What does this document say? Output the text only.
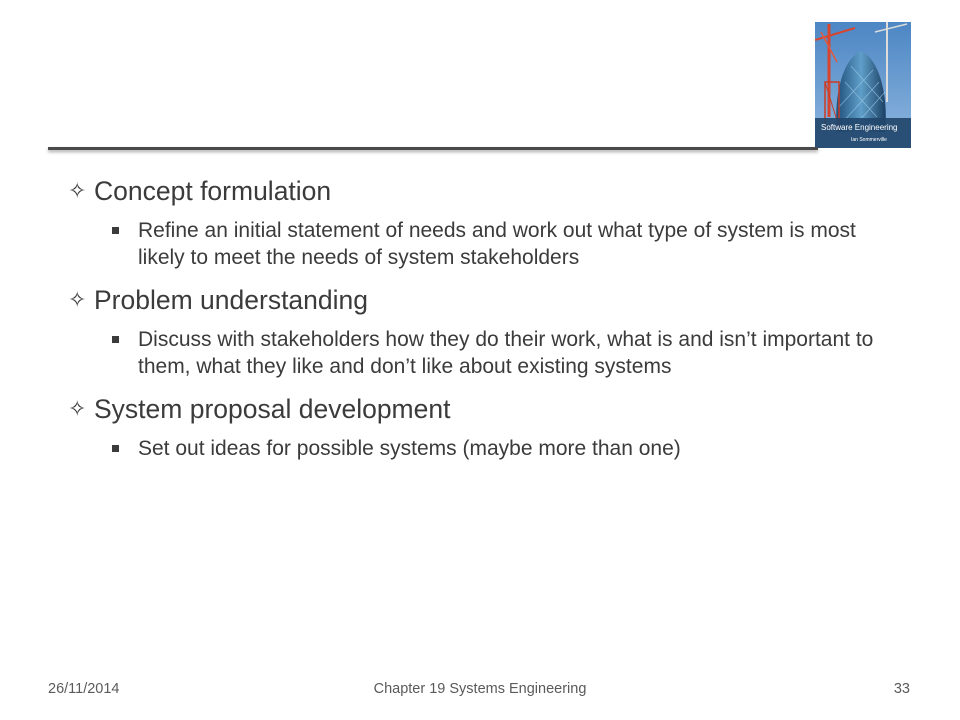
Software Engineering
Ian Sommerville
✧ Concept formulation
Refine an initial statement of needs and work out what type of system is most likely to meet the needs of system stakeholders
✧ Problem understanding
Discuss with stakeholders how they do their work, what is and isn’t important to them, what they like and don’t like about existing systems
✧ System proposal development
Set out ideas for possible systems (maybe more than one)
26/11/2014	Chapter 19 Systems Engineering	33
